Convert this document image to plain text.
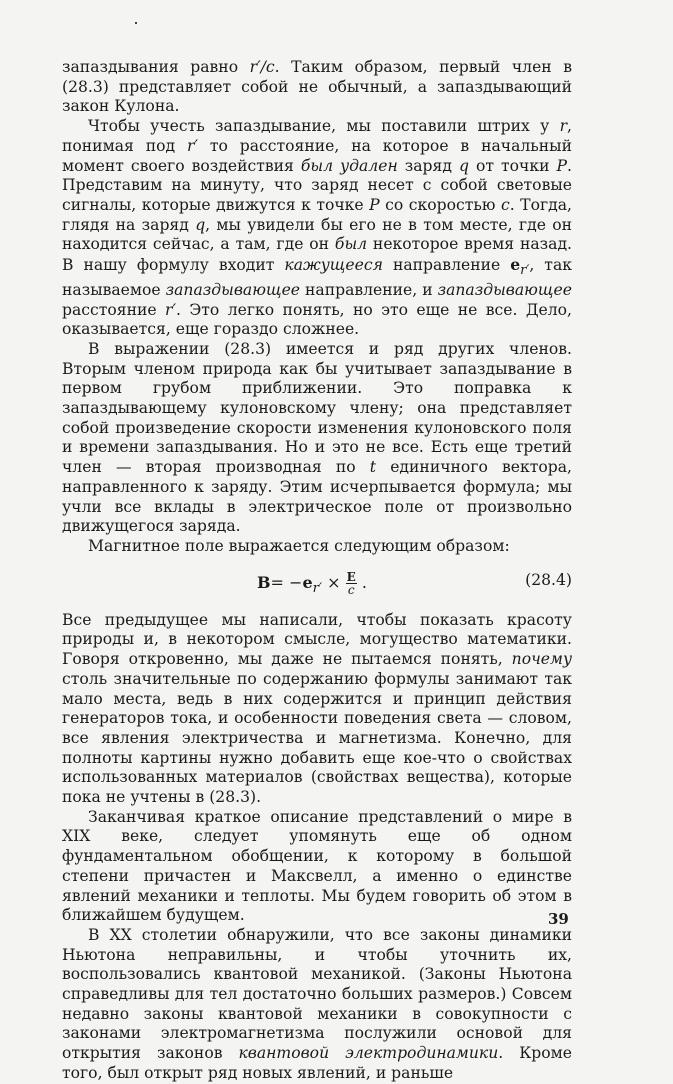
запаздывания равно r′/c. Таким образом, первый член в (28.3) представляет собой не обычный, а запаздывающий закон Кулона.

Чтобы учесть запаздывание, мы поставили штрих у r, понимая под r′ то расстояние, на которое в начальный момент своего воздействия был удален заряд q от точки P. Представим на минуту, что заряд несет с собой световые сигналы, которые движутся к точке P со скоростью c. Тогда, глядя на заряд q, мы увидели бы его не в том месте, где он находится сейчас, а там, где он был некоторое время назад. В нашу формулу входит кажущееся направление $e_{r'}$, так называемое запаздывающее направление, и запаздывающее расстояние r′. Это легко понять, но это еще не все. Дело, оказывается, еще гораздо сложнее.

В выражении (28.3) имеется и ряд других членов. Вторым членом природа как бы учитывает запаздывание в первом грубом приближении. Это поправка к запаздывающему кулоновскому члену; она представляет собой произведение скорости изменения кулоновского поля и времени запаздывания. Но и это не все. Есть еще третий член — вторая производная по t единичного вектора, направленного к заряду. Этим исчерпывается формула; мы учли все вклады в электрическое поле от произвольно движущегося заряда.

Магнитное поле выражается следующим образом:

$B= -e_{r'} \times \frac{E}{c}$ .	(28.4)

Все предыдущее мы написали, чтобы показать красоту природы и, в некотором смысле, могущество математики. Говоря откровенно, мы даже не пытаемся понять, почему столь значительные по содержанию формулы занимают так мало места, ведь в них содержится и принцип действия генераторов тока, и особенности поведения света — словом, все явления электричества и магнетизма. Конечно, для полноты картины нужно добавить еще кое-что о свойствах использованных материалов (свойствах вещества), которые пока не учтены в (28.3).

Заканчивая краткое описание представлений о мире в XIX веке, следует упомянуть еще об одном фундаментальном обобщении, к которому в большой степени причастен и Максвелл, а именно о единстве явлений механики и теплоты. Мы будем говорить об этом в ближайшем будущем.

В XX столетии обнаружили, что все законы динамики Ньютона неправильны, и чтобы уточнить их, воспользовались квантовой механикой. (Законы Ньютона справедливы для тел достаточно больших размеров.) Совсем недавно законы квантовой механики в совокупности с законами электромагнетизма послужили основой для открытия законов квантовой электродинамики. Кроме того, был открыт ряд новых явлений, и раньше

39
